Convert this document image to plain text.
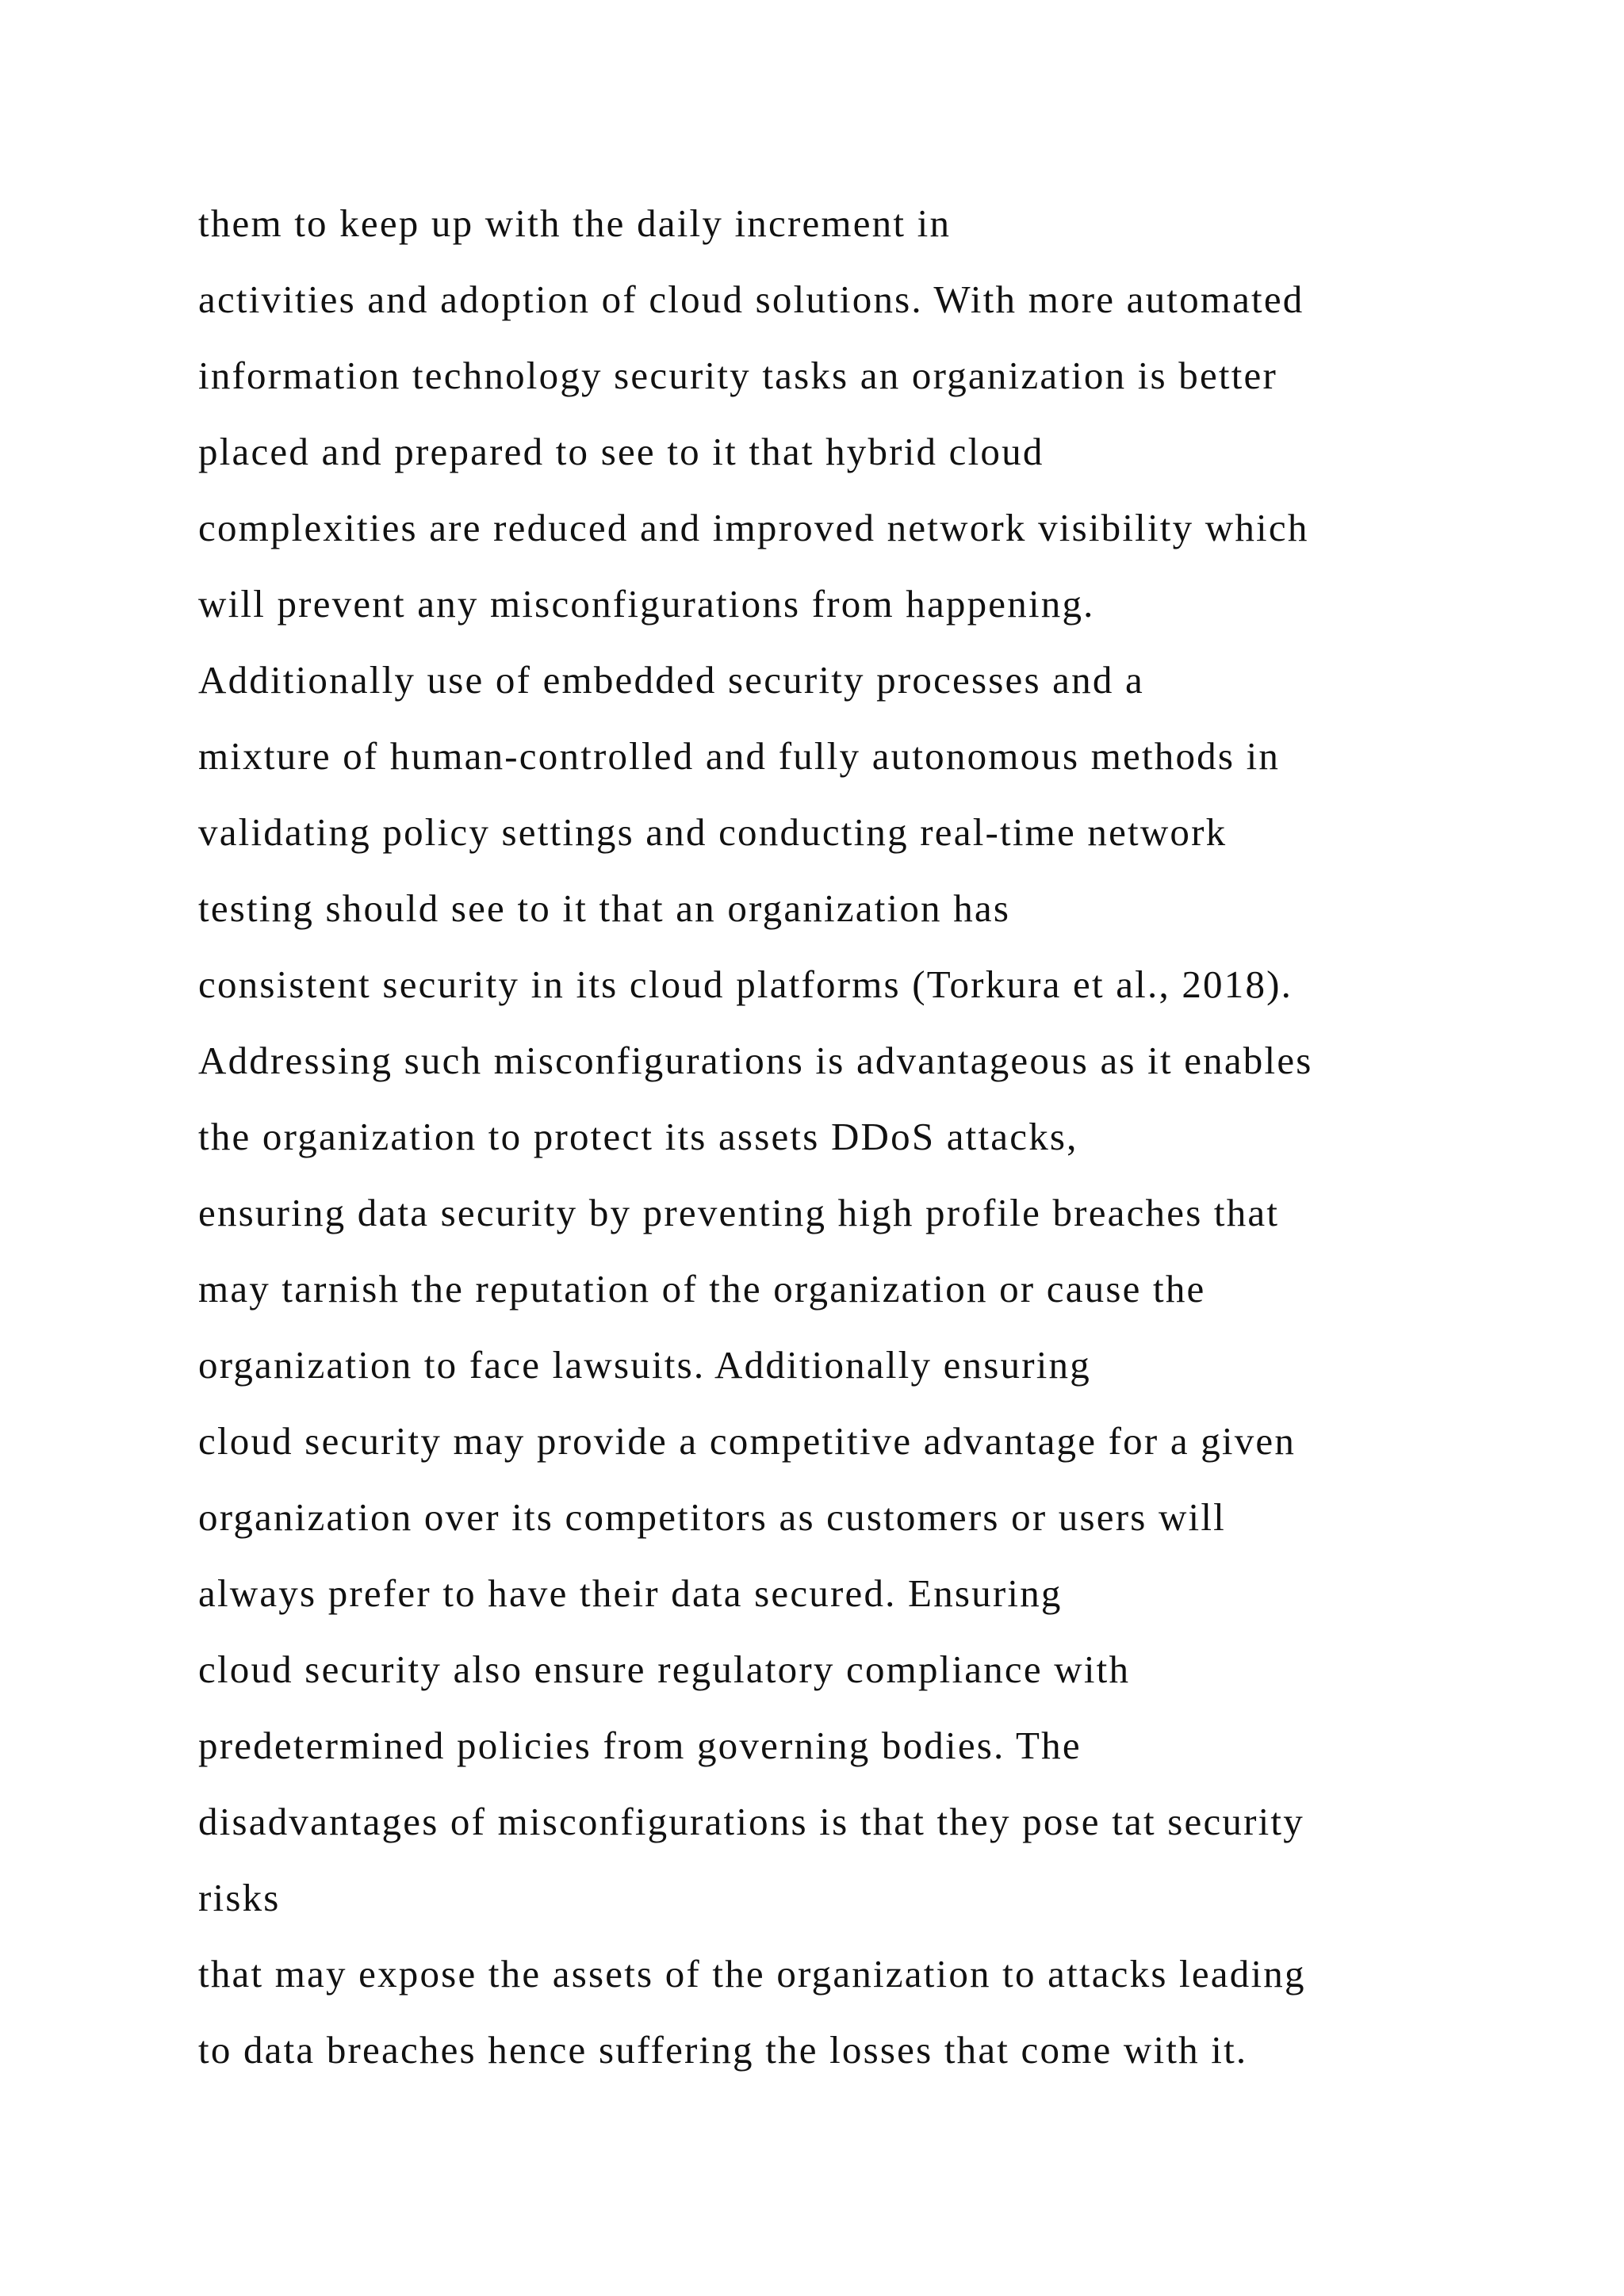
them to keep up with the daily increment in
activities and adoption of cloud solutions. With more automated
information technology security tasks an organization is better
placed and prepared to see to it that hybrid cloud
complexities are reduced and improved network visibility which
will prevent any misconfigurations from happening.
Additionally use of embedded security processes and a
mixture of human-controlled and fully autonomous methods in
validating policy settings and conducting real-time network
testing should see to it that an organization has
consistent security in its cloud platforms (Torkura et al., 2018).
Addressing such misconfigurations is advantageous as it enables
the organization to protect its assets DDoS attacks,
ensuring data security by preventing high profile breaches that
may tarnish the reputation of the organization or cause the
organization to face lawsuits. Additionally ensuring
cloud security may provide a competitive advantage for a given
organization over its competitors as customers or users will
always prefer to have their data secured. Ensuring
cloud security also ensure regulatory compliance with
predetermined policies from governing bodies. The
disadvantages of misconfigurations is that they pose tat security
risks
that may expose the assets of the organization to attacks leading
to data breaches hence suffering the losses that come with it.
